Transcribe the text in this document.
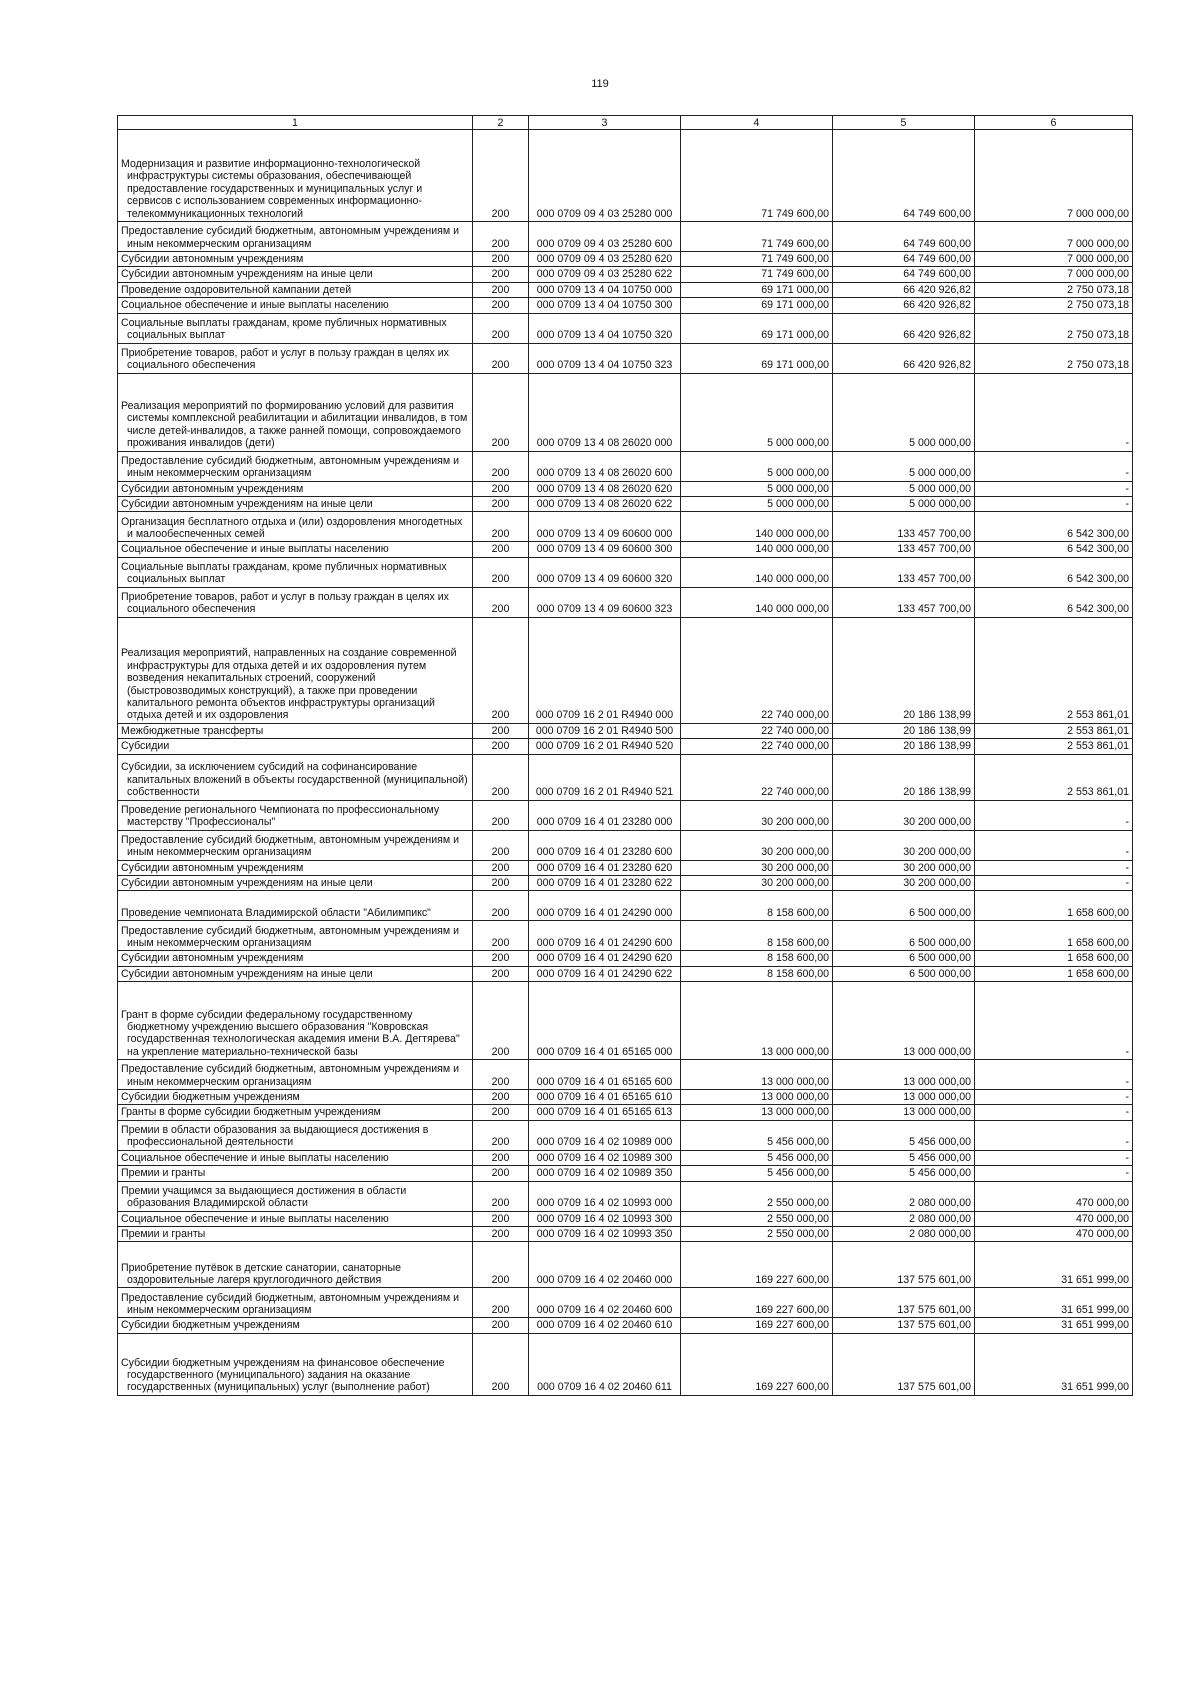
119
1	2	3	4	5	6
Модернизация и развитие информационно-технологической инфраструктуры системы образования, обеспечивающей предоставление государственных и муниципальных услуг и сервисов с использованием современных информационно-телекоммуникационных технологий	200	000 0709 09 4 03 25280 000	71 749 600,00	64 749 600,00	7 000 000,00
Предоставление субсидий бюджетным, автономным учреждениям и иным некоммерческим организациям	200	000 0709 09 4 03 25280 600	71 749 600,00	64 749 600,00	7 000 000,00
Субсидии автономным учреждениям	200	000 0709 09 4 03 25280 620	71 749 600,00	64 749 600,00	7 000 000,00
Субсидии автономным учреждениям на иные цели	200	000 0709 09 4 03 25280 622	71 749 600,00	64 749 600,00	7 000 000,00
Проведение оздоровительной кампании детей	200	000 0709 13 4 04 10750 000	69 171 000,00	66 420 926,82	2 750 073,18
Социальное обеспечение и иные выплаты населению	200	000 0709 13 4 04 10750 300	69 171 000,00	66 420 926,82	2 750 073,18
Социальные выплаты гражданам, кроме публичных нормативных социальных выплат	200	000 0709 13 4 04 10750 320	69 171 000,00	66 420 926,82	2 750 073,18
Приобретение товаров, работ и услуг в пользу граждан в целях их социального обеспечения	200	000 0709 13 4 04 10750 323	69 171 000,00	66 420 926,82	2 750 073,18
Реализация мероприятий по формированию условий для развития системы комплексной реабилитации и абилитации инвалидов, в том числе детей-инвалидов, а также ранней помощи, сопровождаемого проживания инвалидов (дети)	200	000 0709 13 4 08 26020 000	5 000 000,00	5 000 000,00	-
Предоставление субсидий бюджетным, автономным учреждениям и иным некоммерческим организациям	200	000 0709 13 4 08 26020 600	5 000 000,00	5 000 000,00	-
Субсидии автономным учреждениям	200	000 0709 13 4 08 26020 620	5 000 000,00	5 000 000,00	-
Субсидии автономным учреждениям на иные цели	200	000 0709 13 4 08 26020 622	5 000 000,00	5 000 000,00	-
Организация бесплатного отдыха и (или) оздоровления многодетных и малообеспеченных семей	200	000 0709 13 4 09 60600 000	140 000 000,00	133 457 700,00	6 542 300,00
Социальное обеспечение и иные выплаты населению	200	000 0709 13 4 09 60600 300	140 000 000,00	133 457 700,00	6 542 300,00
Социальные выплаты гражданам, кроме публичных нормативных социальных выплат	200	000 0709 13 4 09 60600 320	140 000 000,00	133 457 700,00	6 542 300,00
Приобретение товаров, работ и услуг в пользу граждан в целях их социального обеспечения	200	000 0709 13 4 09 60600 323	140 000 000,00	133 457 700,00	6 542 300,00
Реализация мероприятий, направленных на создание современной инфраструктуры для отдыха детей и их оздоровления путем возведения некапитальных строений, сооружений (быстровозводимых конструкций), а также при проведении капитального ремонта объектов инфраструктуры организаций отдыха детей и их оздоровления	200	000 0709 16 2 01 R4940 000	22 740 000,00	20 186 138,99	2 553 861,01
Межбюджетные трансферты	200	000 0709 16 2 01 R4940 500	22 740 000,00	20 186 138,99	2 553 861,01
Субсидии	200	000 0709 16 2 01 R4940 520	22 740 000,00	20 186 138,99	2 553 861,01
Субсидии, за исключением субсидий на софинансирование капитальных вложений в объекты государственной (муниципальной) собственности	200	000 0709 16 2 01 R4940 521	22 740 000,00	20 186 138,99	2 553 861,01
Проведение регионального Чемпионата по профессиональному мастерству "Профессионалы"	200	000 0709 16 4 01 23280 000	30 200 000,00	30 200 000,00	-
Предоставление субсидий бюджетным, автономным учреждениям и иным некоммерческим организациям	200	000 0709 16 4 01 23280 600	30 200 000,00	30 200 000,00	-
Субсидии автономным учреждениям	200	000 0709 16 4 01 23280 620	30 200 000,00	30 200 000,00	-
Субсидии автономным учреждениям на иные цели	200	000 0709 16 4 01 23280 622	30 200 000,00	30 200 000,00	-
Проведение чемпионата Владимирской области "Абилимпикс"	200	000 0709 16 4 01 24290 000	8 158 600,00	6 500 000,00	1 658 600,00
Предоставление субсидий бюджетным, автономным учреждениям и иным некоммерческим организациям	200	000 0709 16 4 01 24290 600	8 158 600,00	6 500 000,00	1 658 600,00
Субсидии автономным учреждениям	200	000 0709 16 4 01 24290 620	8 158 600,00	6 500 000,00	1 658 600,00
Субсидии автономным учреждениям на иные цели	200	000 0709 16 4 01 24290 622	8 158 600,00	6 500 000,00	1 658 600,00
Грант в форме субсидии федеральному государственному бюджетному учреждению высшего образования "Ковровская государственная технологическая академия имени В.А. Дегтярева" на укрепление материально-технической базы	200	000 0709 16 4 01 65165 000	13 000 000,00	13 000 000,00	-
Предоставление субсидий бюджетным, автономным учреждениям и иным некоммерческим организациям	200	000 0709 16 4 01 65165 600	13 000 000,00	13 000 000,00	-
Субсидии бюджетным учреждениям	200	000 0709 16 4 01 65165 610	13 000 000,00	13 000 000,00	-
Гранты в форме субсидии бюджетным учреждениям	200	000 0709 16 4 01 65165 613	13 000 000,00	13 000 000,00	-
Премии в области образования за выдающиеся достижения в профессиональной деятельности	200	000 0709 16 4 02 10989 000	5 456 000,00	5 456 000,00	-
Социальное обеспечение и иные выплаты населению	200	000 0709 16 4 02 10989 300	5 456 000,00	5 456 000,00	-
Премии и гранты	200	000 0709 16 4 02 10989 350	5 456 000,00	5 456 000,00	-
Премии учащимся за выдающиеся достижения в области образования Владимирской области	200	000 0709 16 4 02 10993 000	2 550 000,00	2 080 000,00	470 000,00
Социальное обеспечение и иные выплаты населению	200	000 0709 16 4 02 10993 300	2 550 000,00	2 080 000,00	470 000,00
Премии и гранты	200	000 0709 16 4 02 10993 350	2 550 000,00	2 080 000,00	470 000,00
Приобретение путёвок в детские санатории, санаторные оздоровительные лагеря круглогодичного действия	200	000 0709 16 4 02 20460 000	169 227 600,00	137 575 601,00	31 651 999,00
Предоставление субсидий бюджетным, автономным учреждениям и иным некоммерческим организациям	200	000 0709 16 4 02 20460 600	169 227 600,00	137 575 601,00	31 651 999,00
Субсидии бюджетным учреждениям	200	000 0709 16 4 02 20460 610	169 227 600,00	137 575 601,00	31 651 999,00
Субсидии бюджетным учреждениям на финансовое обеспечение государственного (муниципального) задания на оказание государственных (муниципальных) услуг (выполнение работ)	200	000 0709 16 4 02 20460 611	169 227 600,00	137 575 601,00	31 651 999,00
